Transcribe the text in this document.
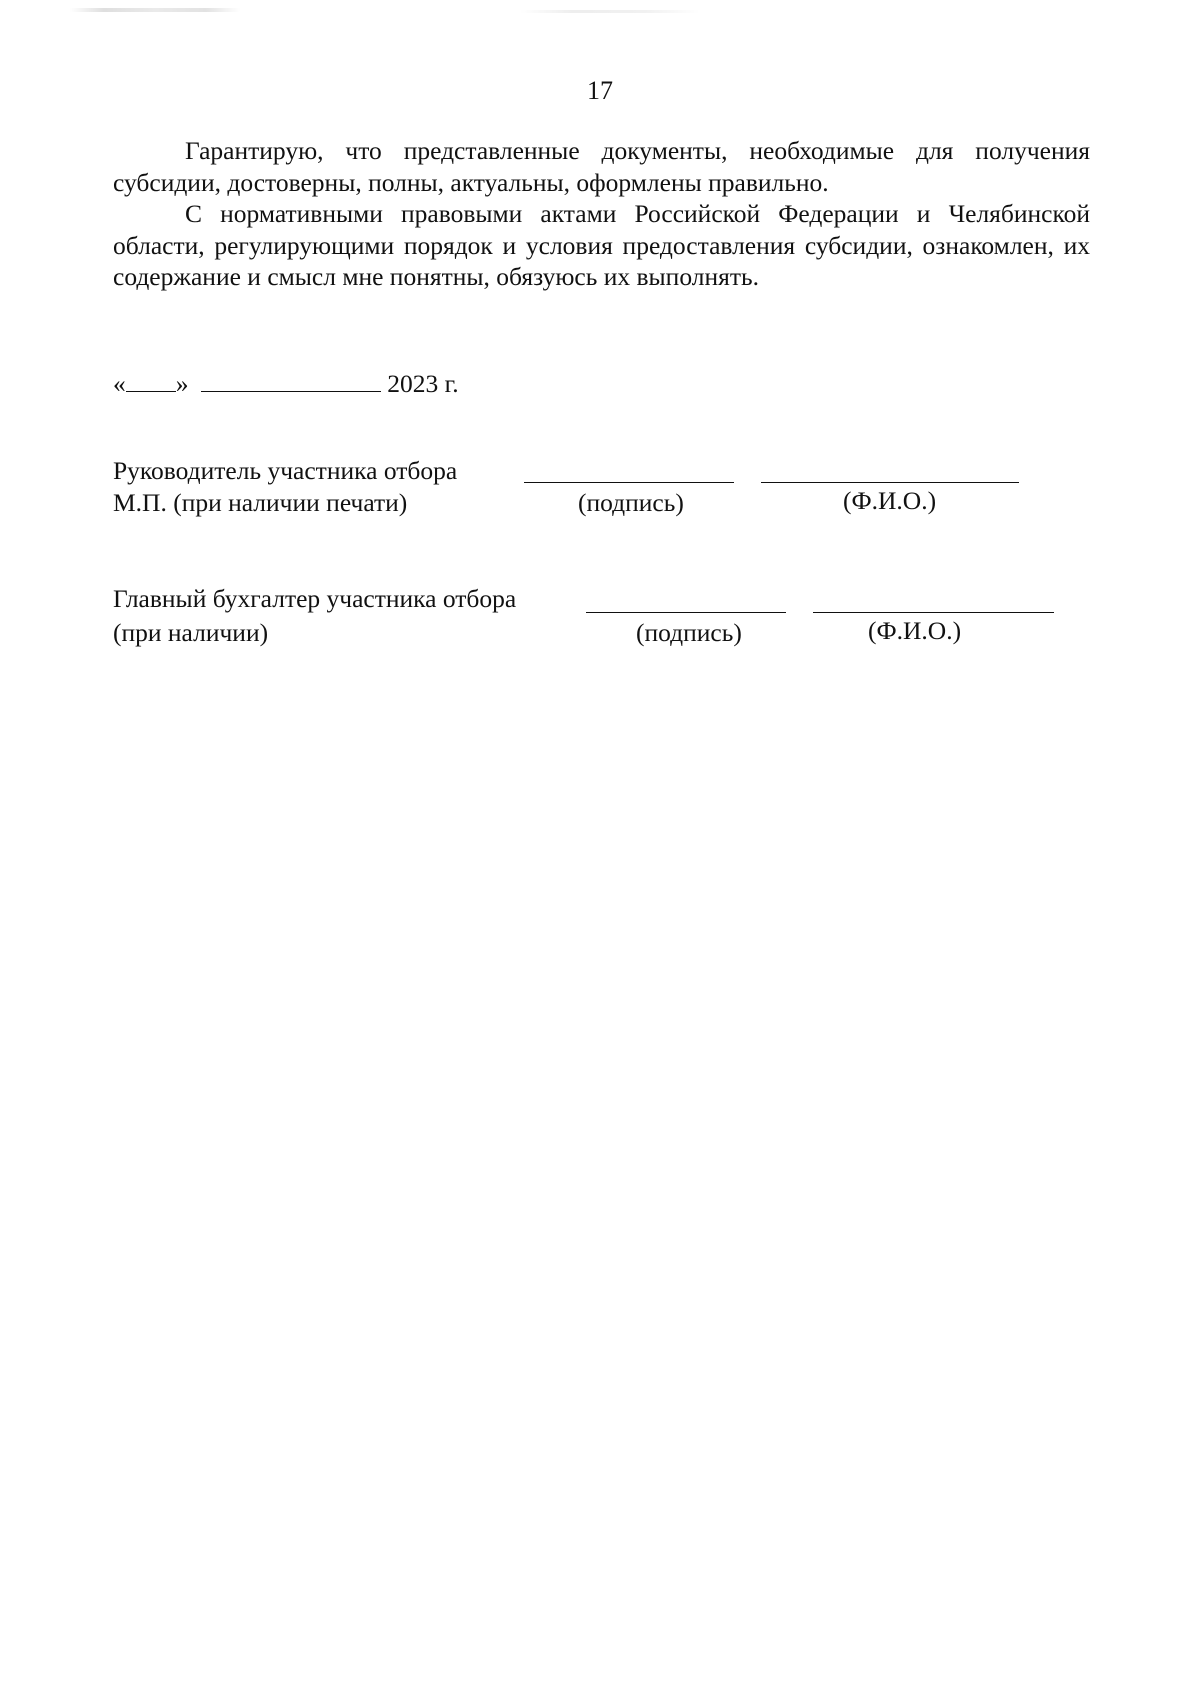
17

Гарантирую, что представленные документы, необходимые для получения субсидии, достоверны, полны, актуальны, оформлены правильно.

С нормативными правовыми актами Российской Федерации и Челябинской области, регулирующими порядок и условия предоставления субсидии, ознакомлен, их содержание и смысл мне понятны, обязуюсь их выполнять.

« »	2023 г.
Руководитель участника отбора
М.П. (при наличии печати)	(подпись)	(Ф.И.О.)
Главный бухгалтер участника отбора
(при наличии)	(подпись)	(Ф.И.О.)
